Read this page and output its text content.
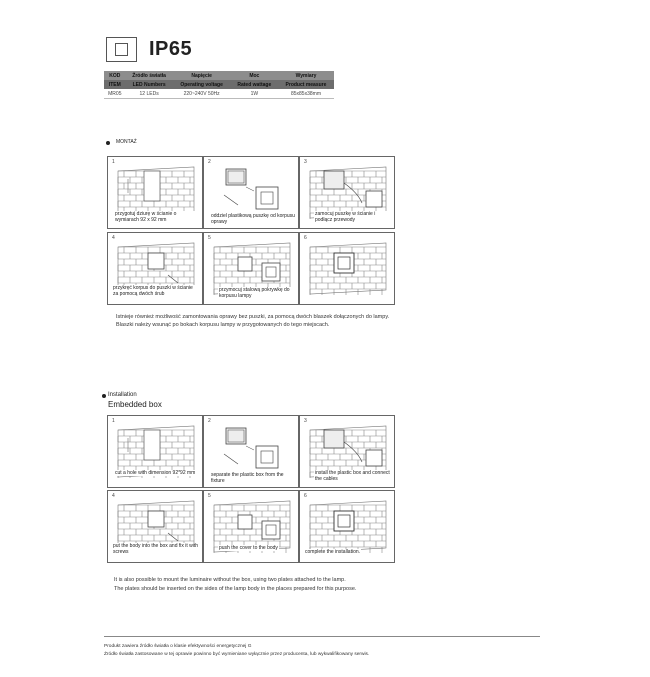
IP65
KOD	Źródło światła	Napięcie	Moc	Wymiary
ITEM	LED Numbers	Operating voltage	Rated wattage	Product measure
MR05	12 LEDs	220~240V 50Hz	1W	85x85x38mm
MONTAŻ
1
przygotuj dziurę w ścianie o wymiarach 92 x 92 mm
2
oddziel plastikową puszkę od korpusu oprawy
3
zamocuj puszkę w ścianie i podłącz przewody
4
przykręć korpus do puszki w ścianie za pomocą dwóch śrub
5
przymocuj stalową pokrywkę do korpusu lampy
6
Istnieje również możliwość zamontowania oprawy bez puszki, za pomocą dwóch blaszek dołączonych do lampy.
Blaszki należy wsunąć po bokach korpusu lampy w przygotowanych do tego miejscach.
Installation
Embedded box
1
cut a hole with dimension 92*92 mm
2
separate the plastic box from the fixture
3
install the plastic box and connect the cables
4
put the body into the box and fix it with screws
5
push the cover to the body
6
complete the installation.
It is also possible to mount the luminaire without the box, using two plates attached to the lamp.
The plates should be inserted on the sides of the lamp body in the places prepared for this purpose.
Produkt zawiera źródło światła o klasie efektywności energetycznej G
Źródło światła zastosowane w tej oprawie powinno być wymieniane wyłącznie przez producenta, lub wykwalifikowany serwis.
